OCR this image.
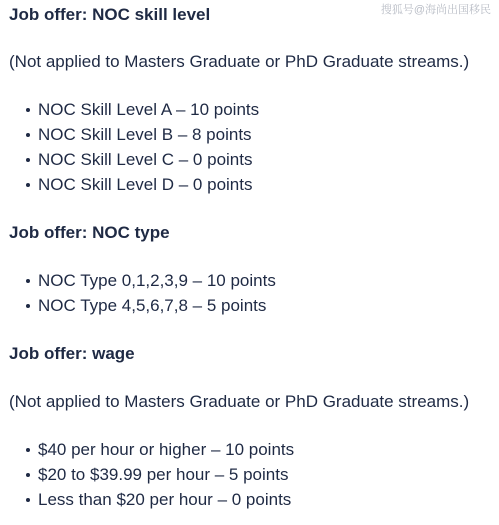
搜狐号@海尚出国移民
Job offer: NOC skill level

(Not applied to Masters Graduate or PhD Graduate streams.)

NOC Skill Level A – 10 points
NOC Skill Level B – 8 points
NOC Skill Level C – 0 points
NOC Skill Level D – 0 points
Job offer: NOC type
NOC Type 0,1,2,3,9 – 10 points
NOC Type 4,5,6,7,8 – 5 points
Job offer: wage

(Not applied to Masters Graduate or PhD Graduate streams.)

$40 per hour or higher – 10 points
$20 to $39.99 per hour – 5 points
Less than $20 per hour – 0 points
